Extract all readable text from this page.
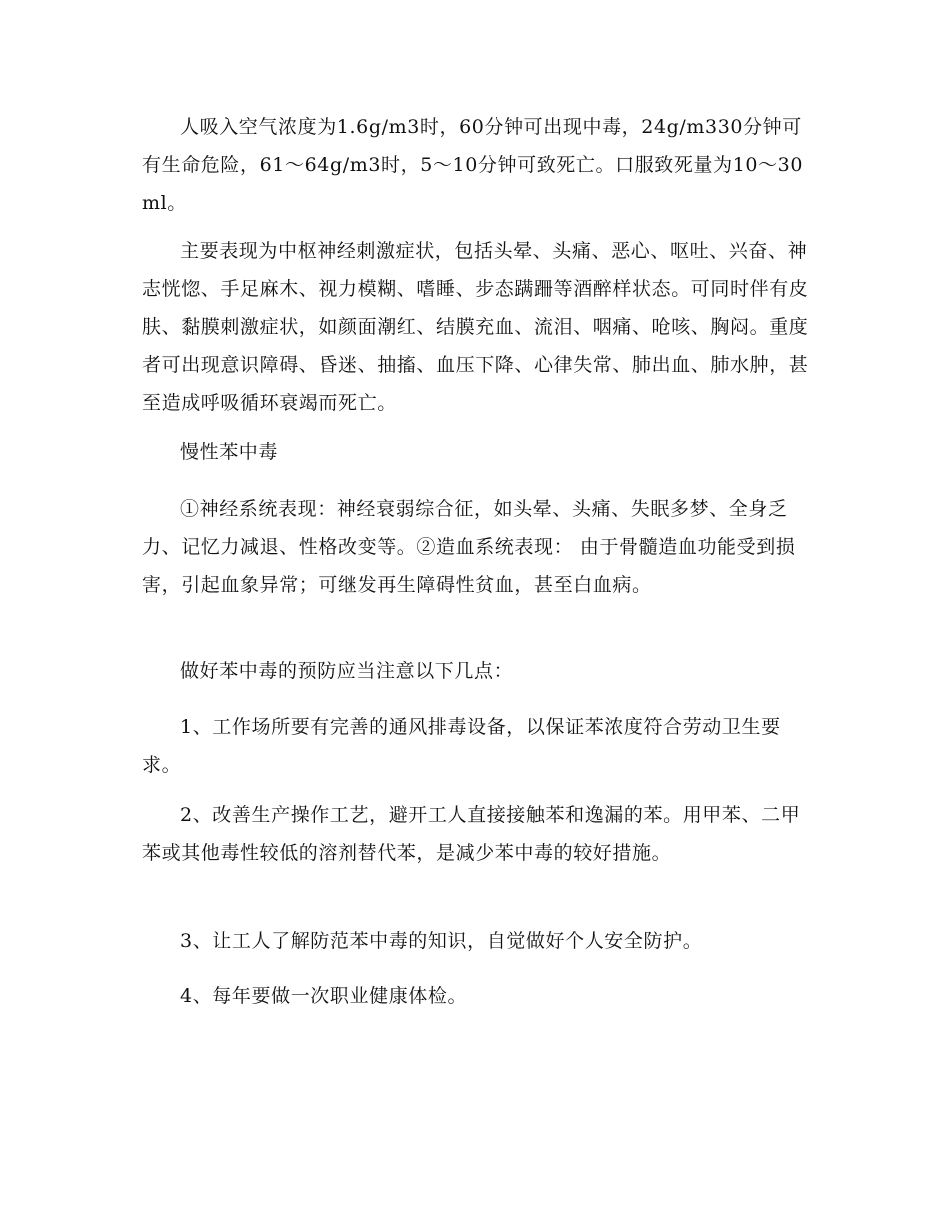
人吸入空气浓度为1.6g/m3时，60分钟可出现中毒，24g/m330分钟可有生命危险，61～64g/m3时，5～10分钟可致死亡。口服致死量为10～30ml。

主要表现为中枢神经刺激症状，包括头晕、头痛、恶心、呕吐、兴奋、神志恍惚、手足麻木、视力模糊、嗜睡、步态蹒跚等酒醉样状态。可同时伴有皮肤、黏膜刺激症状，如颜面潮红、结膜充血、流泪、咽痛、呛咳、胸闷。重度者可出现意识障碍、昏迷、抽搐、血压下降、心律失常、肺出血、肺水肿，甚至造成呼吸循环衰竭而死亡。

慢性苯中毒

①神经系统表现：神经衰弱综合征，如头晕、头痛、失眠多梦、全身乏力、记忆力减退、性格改变等。②造血系统表现： 由于骨髓造血功能受到损害，引起血象异常；可继发再生障碍性贫血，甚至白血病。

做好苯中毒的预防应当注意以下几点：

1、工作场所要有完善的通风排毒设备，以保证苯浓度符合劳动卫生要求。

2、改善生产操作工艺，避开工人直接接触苯和逸漏的苯。用甲苯、二甲苯或其他毒性较低的溶剂替代苯，是减少苯中毒的较好措施。

3、让工人了解防范苯中毒的知识，自觉做好个人安全防护。

4、每年要做一次职业健康体检。
